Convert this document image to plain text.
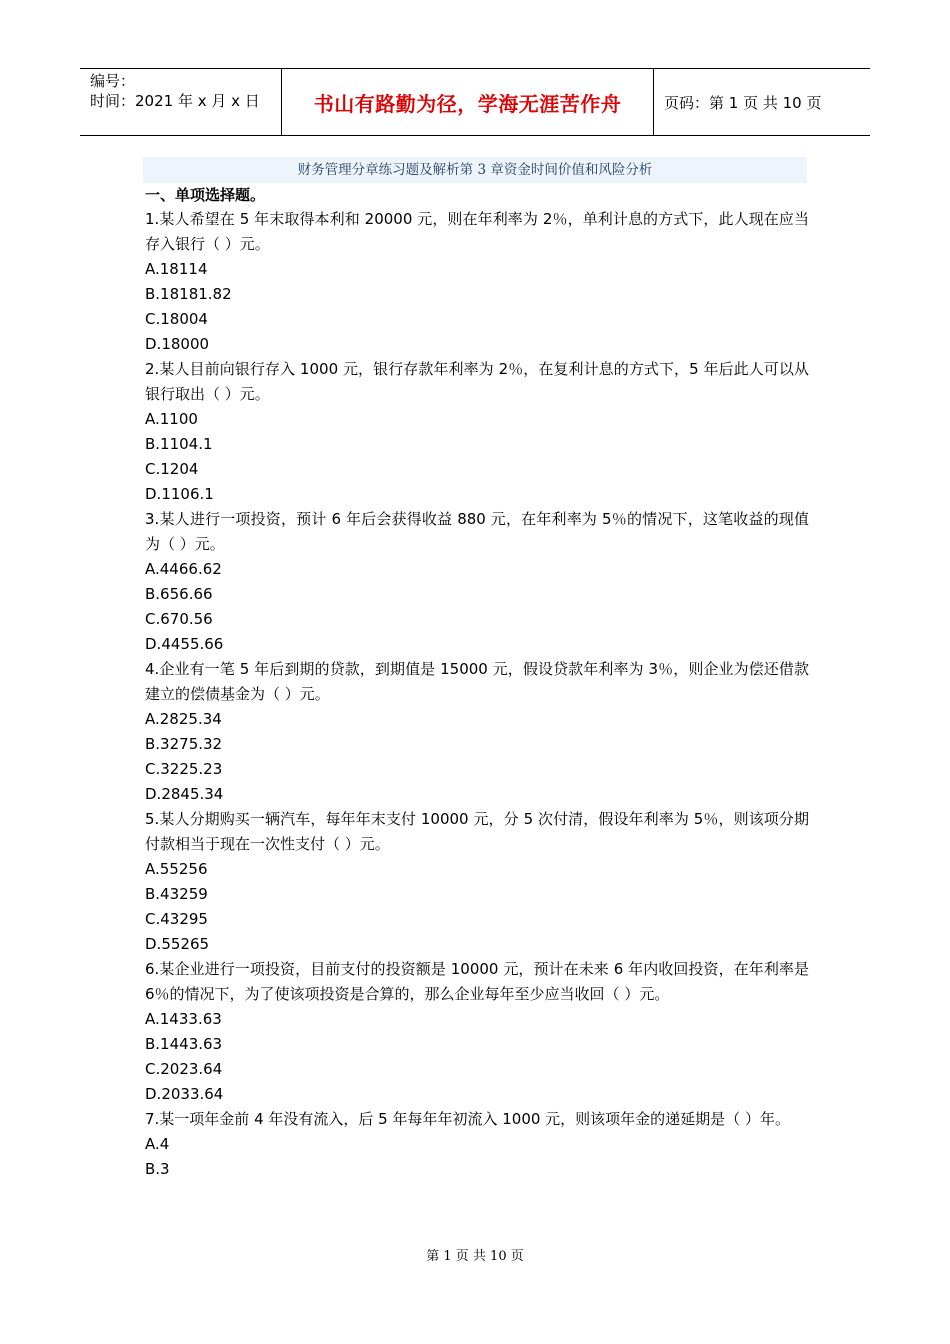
编号：
时间：2021 年 x 月 x 日	书山有路勤为径，学海无涯苦作舟	页码：第 1 页 共 10 页
财务管理分章练习题及解析第 3 章资金时间价值和风险分析
一、单项选择题。
1.某人希望在 5 年末取得本利和 20000 元，则在年利率为 2％，单利计息的方式下，此人现在应当存入银行（ ）元。
A.18114
B.18181.82
C.18004
D.18000
2.某人目前向银行存入 1000 元，银行存款年利率为 2％，在复利计息的方式下，5 年后此人可以从银行取出（ ）元。
A.1100
B.1104.1
C.1204
D.1106.1
3.某人进行一项投资，预计 6 年后会获得收益 880 元，在年利率为 5％的情况下，这笔收益的现值为（ ）元。
A.4466.62
B.656.66
C.670.56
D.4455.66
4.企业有一笔 5 年后到期的贷款，到期值是 15000 元，假设贷款年利率为 3％，则企业为偿还借款建立的偿债基金为（ ）元。
A.2825.34
B.3275.32
C.3225.23
D.2845.34
5.某人分期购买一辆汽车，每年年末支付 10000 元，分 5 次付清，假设年利率为 5％，则该项分期付款相当于现在一次性支付（ ）元。
A.55256
B.43259
C.43295
D.55265
6.某企业进行一项投资，目前支付的投资额是 10000 元，预计在未来 6 年内收回投资，在年利率是 6％的情况下，为了使该项投资是合算的，那么企业每年至少应当收回（ ）元。
A.1433.63
B.1443.63
C.2023.64
D.2033.64
7.某一项年金前 4 年没有流入，后 5 年每年年初流入 1000 元，则该项年金的递延期是（ ）年。
A.4
B.3
第 1 页 共 10 页
